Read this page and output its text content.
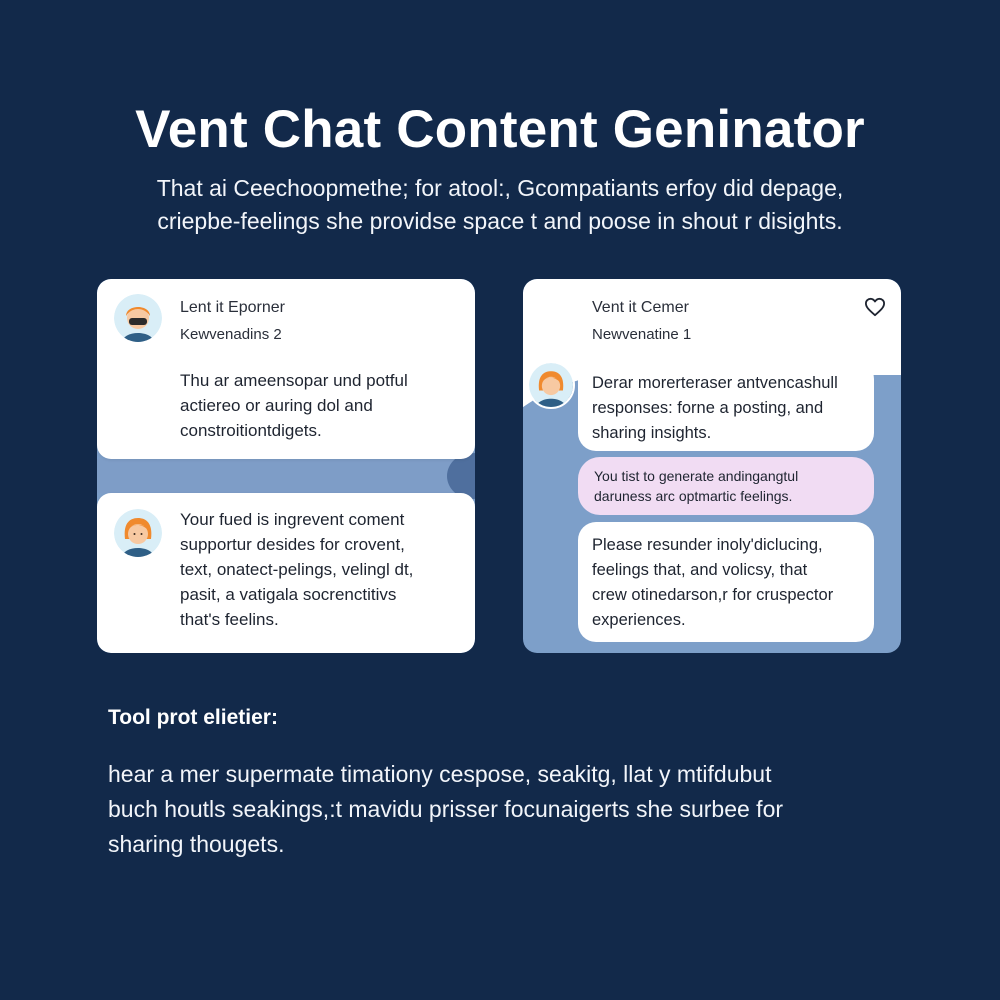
Vent Chat Content Geninator
That ai Ceechoopmethe; for atool:, Gcompatiants erfoy did depage,
criepbe-feelings she providse space t and poose in shout r disights.
Lent it Eporner
Kewvenadins 2
Thu ar ameensopar und potful
actiereo or auring dol and
constroitiontdigets.
Your fued is ingrevent coment
supportur desides for crovent,
text, onatect-pelings, velingl dt,
pasit, a vatigala socrenctitivs
that's feelins.
Vent it Cemer
Newvenatine 1
Derar morerteraser antvencashull
responses: forne a posting, and
sharing insights.
You tist to generate andingangtul
daruness arc optmartic feelings.
Please resunder inoly'diclucing,
feelings that, and volicsy, that
crew otinedarson,r for cruspector
experiences.
Tool prot elietier:
hear a mer supermate timationy cespose, seakitg, llat y mtifdubut
buch houtls seakings,:t mavidu prisser focunaigerts she surbee for
sharing thougets.
